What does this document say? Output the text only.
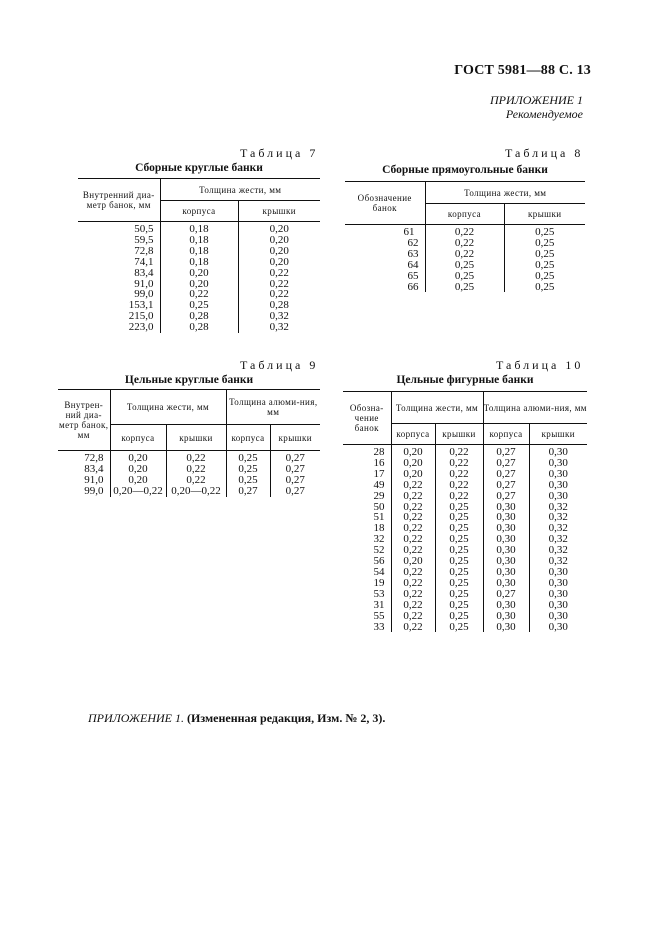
ГОСТ 5981—88 С. 13
ПРИЛОЖЕНИЕ 1
Рекомендуемое
Таблица 7
Сборные круглые банки
Внутренний диа-метр банок, мм	Толщина жести, мм	
	корпуса	крышки
50,5	0,18	0,20
59,5	0,18	0,20
72,8	0,18	0,20
74,1	0,18	0,20
83,4	0,20	0,22
91,0	0,20	0,22
99,0	0,22	0,22
153,1	0,25	0,28
215,0	0,28	0,32
223,0	0,28	0,32
Таблица 8
Сборные прямоугольные банки
Обозначение банок	Толщина жести, мм	
	корпуса	крышки
61	0,22	0,25
62	0,22	0,25
63	0,22	0,25
64	0,25	0,25
65	0,25	0,25
66	0,25	0,25
Таблица 9
Цельные круглые банки
Внутрен-ний диа-метр банок, мм	Толщина жести, мм		Толщина алюми-ния, мм	
	корпуса	крышки	корпуса	крышки
72,8	0,20	0,22	0,25	0,27
83,4	0,20	0,22	0,25	0,27
91,0	0,20	0,22	0,25	0,27
99,0	0,20—0,22	0,20—0,22	0,27	0,27
Таблица 10
Цельные фигурные банки
Обозна-чение банок	Толщина жести, мм		Толщина алюми-ния, мм	
	корпуса	крышки	корпуса	крышки
28	0,20	0,22	0,27	0,30
16	0,20	0,22	0,27	0,30
17	0,20	0,22	0,27	0,30
49	0,22	0,22	0,27	0,30
29	0,22	0,22	0,27	0,30
50	0,22	0,25	0,30	0,32
51	0,22	0,25	0,30	0,32
18	0,22	0,25	0,30	0,32
32	0,22	0,25	0,30	0,32
52	0,22	0,25	0,30	0,32
56	0,20	0,25	0,30	0,32
54	0,22	0,25	0,30	0,30
19	0,22	0,25	0,30	0,30
53	0,22	0,25	0,27	0,30
31	0,22	0,25	0,30	0,30
55	0,22	0,25	0,30	0,30
33	0,22	0,25	0,30	0,30
ПРИЛОЖЕНИЕ 1. (Измененная редакция, Изм. № 2, 3).
